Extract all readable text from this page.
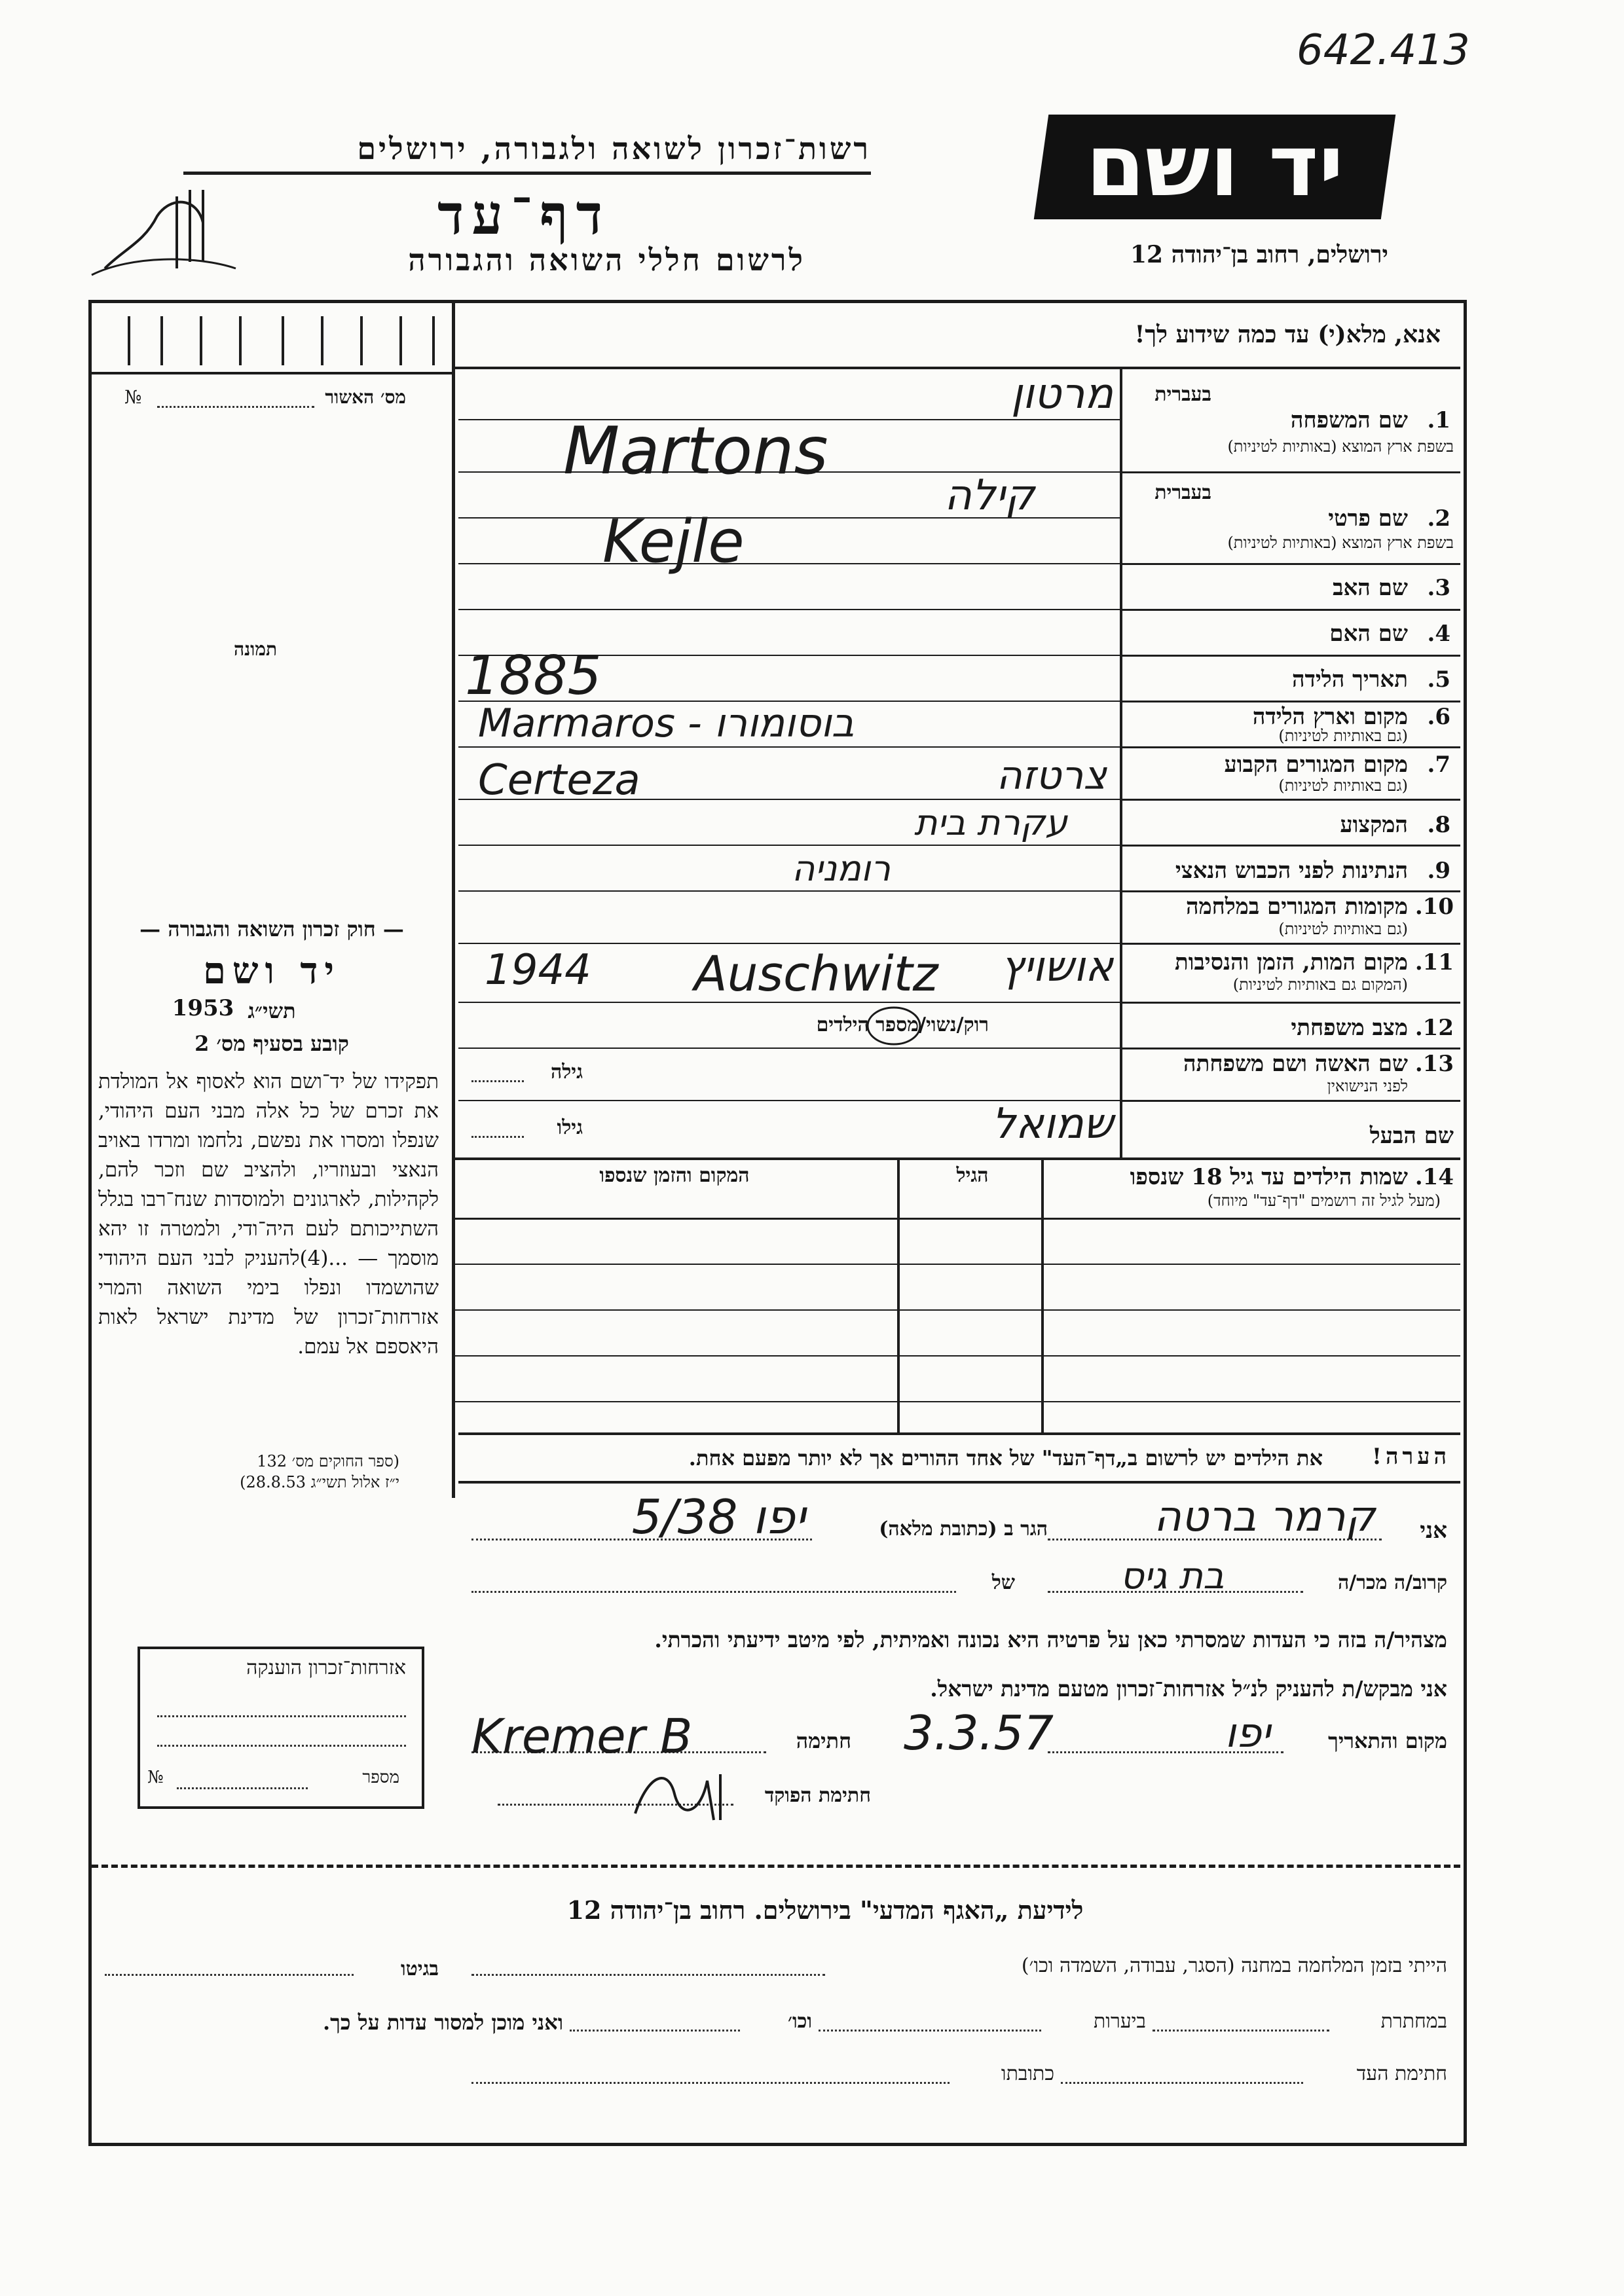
642.413
יד ושם
ירושלים, רחוב בן־יהודה 12
רשות־זכרון לשואה ולגבורה, ירושלים
דף־עד
לרשום חללי השואה והגבורה
מס׳ האשור
№
תמונה
— חוק זכרון השואה והגבורה —
יד ושם
תשי״ג
1953
קובע בסעיף מס׳ 2
תפקידו של יד־ושם הוא לאסוף אל המולדת את זכרם של כל אלה מבני העם היהודי, שנפלו ומסרו את נפשם, נלחמו ומרדו באויב הנאצי ובעוזריו, ולהציב שם וזכר להם, לקהילות, לארגונים ולמוסדות שנח־רבו בגלל השתייכותם לעם היה־ודי, ולמטרה זו יהא מוסמך — ...(4)להעניק לבני העם היהודי שהושמדו ונפלו בימי השואה והמרי אזרחות־זכרון של מדינת ישראל לאות היאספם אל עמם.
(ספר החוקים מס׳ 132
י״ז אלול תשי״ג 28.8.53)
אנא, מלא(י) עד כמה שידוע לך!
בעברית
שם המשפחה 1.
בשפת ארץ המוצא (באותיות לטיניות)
בעברית
שם פרטי 2.
בשפת ארץ המוצא (באותיות לטיניות)
שם האב 3.
שם האם 4.
תאריך הלידה 5.
מקום וארץ הלידה 6.
(גם באותיות לטיניות)
מקום המגורים הקבוע 7.
(גם באותיות לטיניות)
המקצוע 8.
הנתינות לפני הכבוש הנאצי 9.
מקומות המגורים במלחמה 10.
(גם באותיות לטיניות)
מקום המות, הזמן והנסיבות 11.
(המקום גם באותיות לטיניות)
מצב משפחתי 12.
שם האשה ושם משפחתה 13.
לפני הנישואין
שם הבעל
מרטון
Martons
קילה
Kejle
1885
Marmaros - בוסומורו
Certeza	צרטזה
עקרת בית
רומניה
1944 Auschwitz	אושויץ
רוק/נשוי/מספר הילדים
גילה
שמואל
גילו
שמות הילדים עד גיל 18 שנספו 14.
(מעל לגיל זה רושמים "דף־עד" מיוחד)
הגיל
המקום והזמן שנספו
הערה!
את הילדים יש לרשום ב„דף־העד" של אחד ההורים אך לא יותר מפעם אחת.
אני
קרמר ברטה
הגר ב (כתובת מלאה)
יפו 5/38
קרוב/ה מכר/ה
בת גיס
של
מצהיר/ה בזה כי העדות שמסרתי כאן על פרטיה היא נכונה ואמיתית, לפי מיטב ידיעתי והכרתי.
אני מבקש/ת להעניק לנ״ל אזרחות־זכרון מטעם מדינת ישראל.
מקום והתאריך
יפו
3.3.57
חתימה
Kremer B
חתימת הפוקד
אזרחות־זכרון הוענקה
מספר
№
לידיעת „האגף המדעי" בירושלים. רחוב בן־יהודה 12
הייתי בזמן המלחמה במחנה (הסגר, עבודה, השמדה וכו׳)
בגיטו
במחתרת
ביערות
וכו׳
ואני מוכן למסור עדות על כך.
חתימת העד
כתובתו
